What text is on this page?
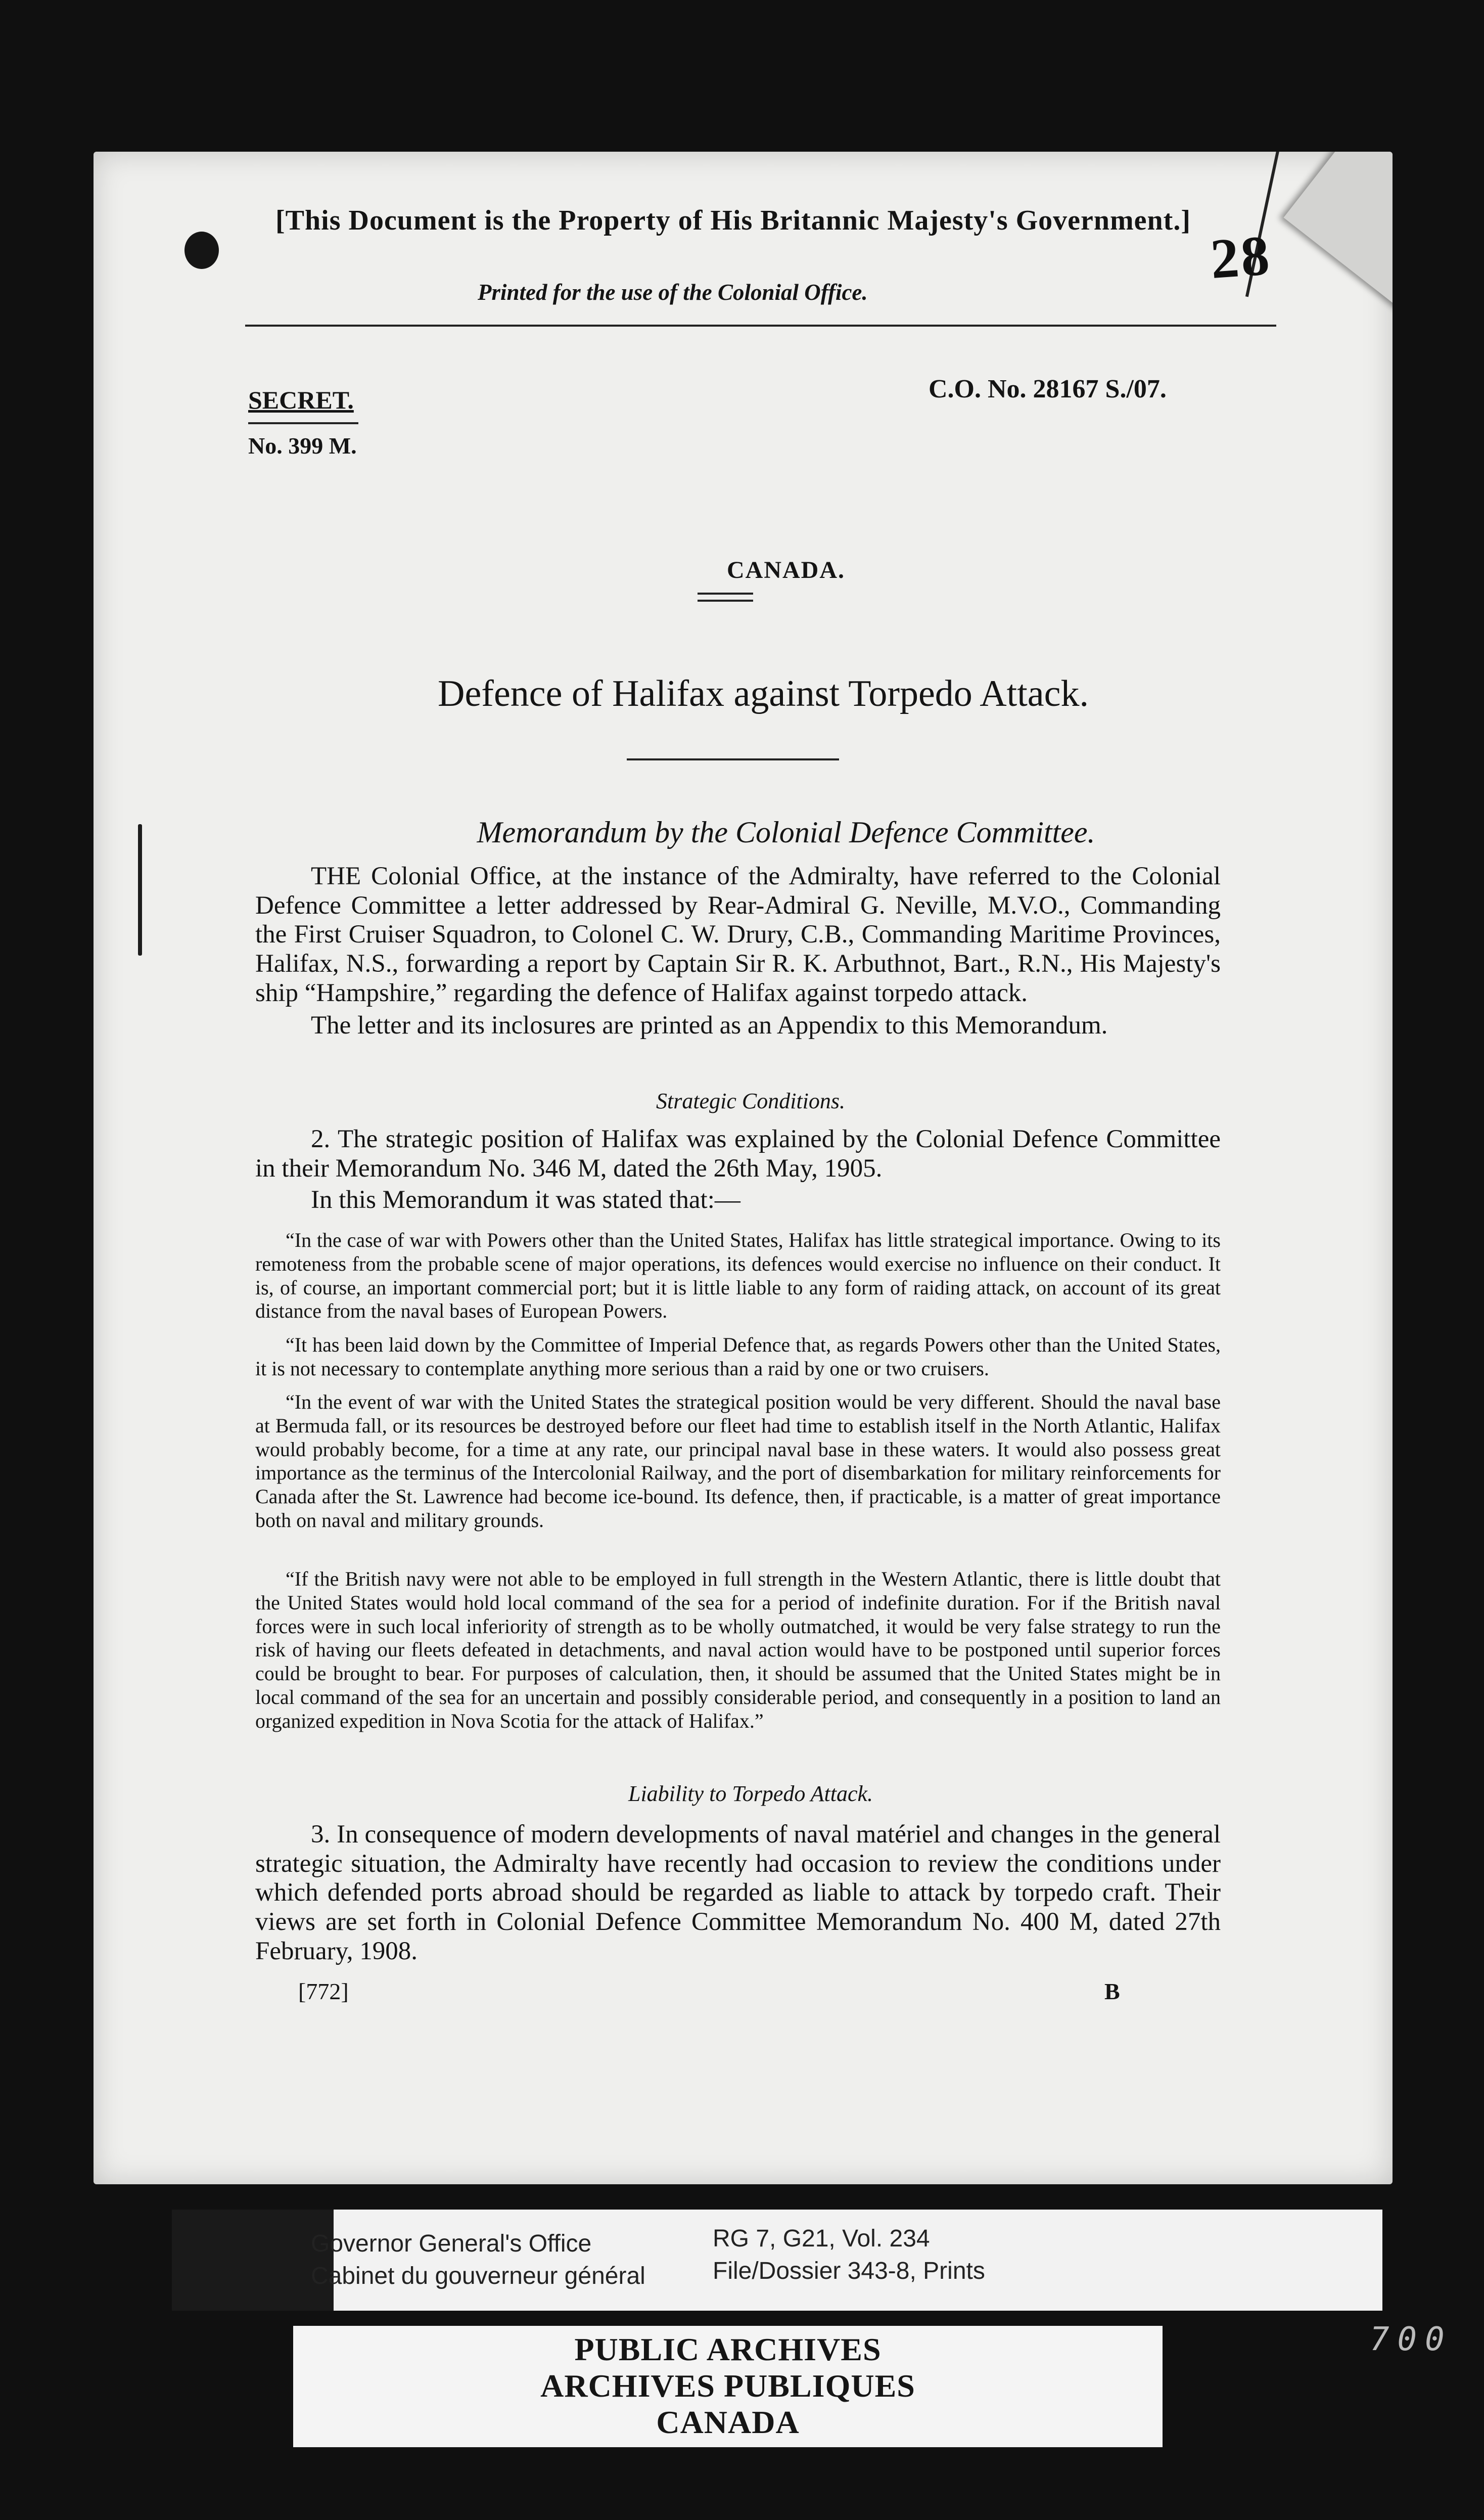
28
[This Document is the Property of His Britannic Majesty's Government.]
Printed for the use of the Colonial Office.
SECRET.
No. 399 M.
C.O. No. 28167 S./07.
CANADA.
Defence of Halifax against Torpedo Attack.
Memorandum by the Colonial Defence Committee.

THE Colonial Office, at the instance of the Admiralty, have referred to the Colonial Defence Committee a letter addressed by Rear-Admiral G. Neville, M.V.O., Commanding the First Cruiser Squadron, to Colonel C. W. Drury, C.B., Commanding Maritime Provinces, Halifax, N.S., forwarding a report by Captain Sir R. K. Arbuthnot, Bart., R.N., His Majesty's ship “Hampshire,” regarding the defence of Halifax against torpedo attack.

The letter and its inclosures are printed as an Appendix to this Memorandum.

Strategic Conditions.

2. The strategic position of Halifax was explained by the Colonial Defence Committee in their Memorandum No. 346 M, dated the 26th May, 1905.

In this Memorandum it was stated that:—

“In the case of war with Powers other than the United States, Halifax has little strategical importance. Owing to its remoteness from the probable scene of major operations, its defences would exercise no influence on their conduct. It is, of course, an important commercial port; but it is little liable to any form of raiding attack, on account of its great distance from the naval bases of European Powers.

“It has been laid down by the Committee of Imperial Defence that, as regards Powers other than the United States, it is not necessary to contemplate anything more serious than a raid by one or two cruisers.

“In the event of war with the United States the strategical position would be very different. Should the naval base at Bermuda fall, or its resources be destroyed before our fleet had time to establish itself in the North Atlantic, Halifax would probably become, for a time at any rate, our principal naval base in these waters. It would also possess great importance as the terminus of the Intercolonial Railway, and the port of disembarkation for military reinforcements for Canada after the St. Lawrence had become ice-bound. Its defence, then, if practicable, is a matter of great importance both on naval and military grounds.

“If the British navy were not able to be employed in full strength in the Western Atlantic, there is little doubt that the United States would hold local command of the sea for a period of indefinite duration. For if the British naval forces were in such local inferiority of strength as to be wholly outmatched, it would be very false strategy to run the risk of having our fleets defeated in detachments, and naval action would have to be postponed until superior forces could be brought to bear. For purposes of calculation, then, it should be assumed that the United States might be in local command of the sea for an uncertain and possibly considerable period, and consequently in a position to land an organized expedition in Nova Scotia for the attack of Halifax.”

Liability to Torpedo Attack.

3. In consequence of modern developments of naval matériel and changes in the general strategic situation, the Admiralty have recently had occasion to review the conditions under which defended ports abroad should be regarded as liable to attack by torpedo craft. Their views are set forth in Colonial Defence Committee Memorandum No. 400 M, dated 27th February, 1908.

[772]	B
Governor General's Office
Cabinet du gouverneur général
RG 7, G21, Vol. 234
File/Dossier 343-8, Prints
PUBLIC ARCHIVES
ARCHIVES PUBLIQUES
CANADA
700
